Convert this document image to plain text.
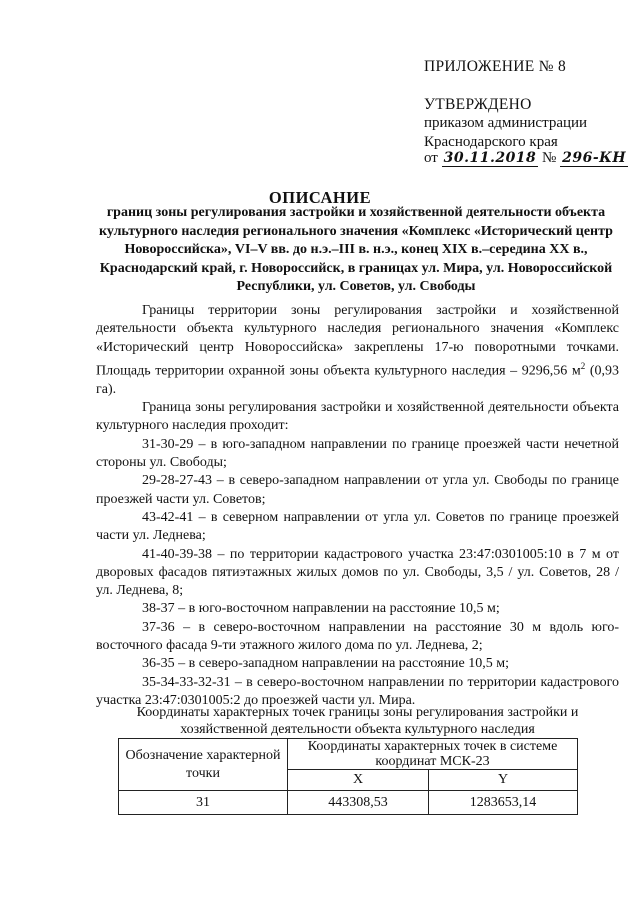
ПРИЛОЖЕНИЕ № 8
УТВЕРЖДЕНО
приказом администрации
Краснодарского края
от 30.11.2018 № 296-КН
ОПИСАНИЕ
границ зоны регулирования застройки и хозяйственной деятельности объекта культурного наследия регионального значения «Комплекс «Исторический центр Новороссийска», VI–V вв. до н.э.–III в. н.э., конец XIX в.–середина XX в., Краснодарский край, г. Новороссийск, в границах ул. Мира, ул. Новороссийской Республики, ул. Советов, ул. Свободы

Границы территории зоны регулирования застройки и хозяйственной деятельности объекта культурного наследия регионального значения «Комплекс «Исторический центр Новороссийска» закреплены 17-ю поворотными точками. Площадь территории охранной зоны объекта культурного наследия – 9296,56 $м^2$ (0,93 га).

Граница зоны регулирования застройки и хозяйственной деятельности объекта культурного наследия проходит:

31-30-29 – в юго-западном направлении по границе проезжей части нечетной стороны ул. Свободы;

29-28-27-43 – в северо-западном направлении от угла ул. Свободы по границе проезжей части ул. Советов;

43-42-41 – в северном направлении от угла ул. Советов по границе проезжей части ул. Леднева;

41-40-39-38 – по территории кадастрового участка 23:47:0301005:10 в 7 м от дворовых фасадов пятиэтажных жилых домов по ул. Свободы, 3,5 / ул. Советов, 28 / ул. Леднева, 8;

38-37 – в юго-восточном направлении на расстояние 10,5 м;

37-36 – в северо-восточном направлении на расстояние 30 м вдоль юго-восточного фасада 9-ти этажного жилого дома по ул. Леднева, 2;

36-35 – в северо-западном направлении на расстояние 10,5 м;

35-34-33-32-31 – в северо-восточном направлении по территории кадастрового участка 23:47:0301005:2 до проезжей части ул. Мира.

Координаты характерных точек границы зоны регулирования застройки и хозяйственной деятельности объекта культурного наследия
Обозначение характерной точки	Координаты характерных точек в системе координат МСК-23	
	X	Y
31	443308,53	1283653,14
